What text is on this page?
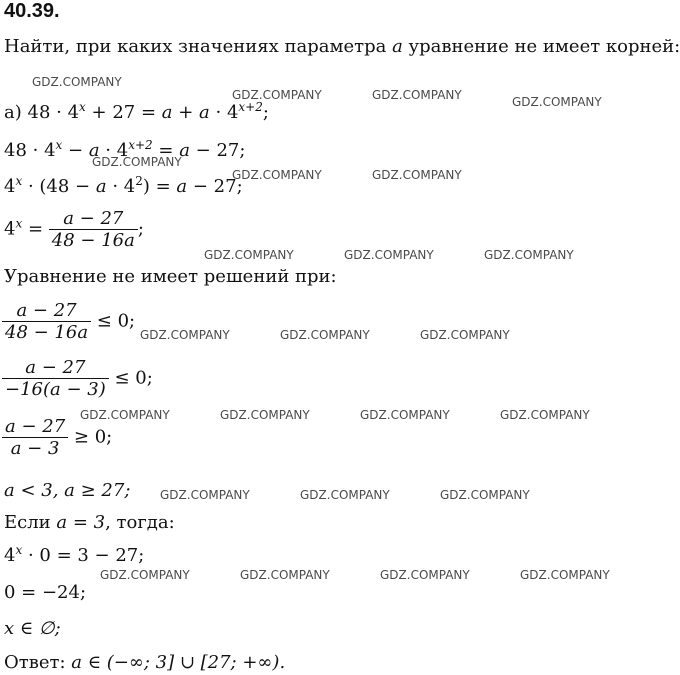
40.39.
Найти, при каких значениях параметра a уравнение не имеет корней:
а) $48 \cdot 4^x + 27 = a + a \cdot 4^{x+2}$;
$48 \cdot 4^x - a \cdot 4^{x+2} = a - 27$;
$4^x \cdot (48 - a \cdot 4^2) = a - 27$;
$4^x = \frac{a - 27}{48 - 16a}$ ;
Уравнение не имеет решений при:
$\frac{a - 27}{48 - 16a} \le 0$;
$\frac{a - 27}{-16(a - 3)} \le 0$;
$\frac{a - 27}{a - 3} \ge 0$;
a < 3, a ≥ 27;
Если a = 3, тогда:
$4^x \cdot 0 = 3 - 27$;
0 = −24;
x ∈ ∅;
Ответ: a ∈ (−∞; 3] ∪ [27; +∞).
GDZ.COMPANY
GDZ.COMPANY	GDZ.COMPANY	GDZ.COMPANY
GDZ.COMPANY
GDZ.COMPANY	GDZ.COMPANY
GDZ.COMPANY	GDZ.COMPANY	GDZ.COMPANY
GDZ.COMPANY	GDZ.COMPANY	GDZ.COMPANY
GDZ.COMPANY	GDZ.COMPANY	GDZ.COMPANY	GDZ.COMPANY
GDZ.COMPANY	GDZ.COMPANY	GDZ.COMPANY
GDZ.COMPANY	GDZ.COMPANY	GDZ.COMPANY	GDZ.COMPANY
